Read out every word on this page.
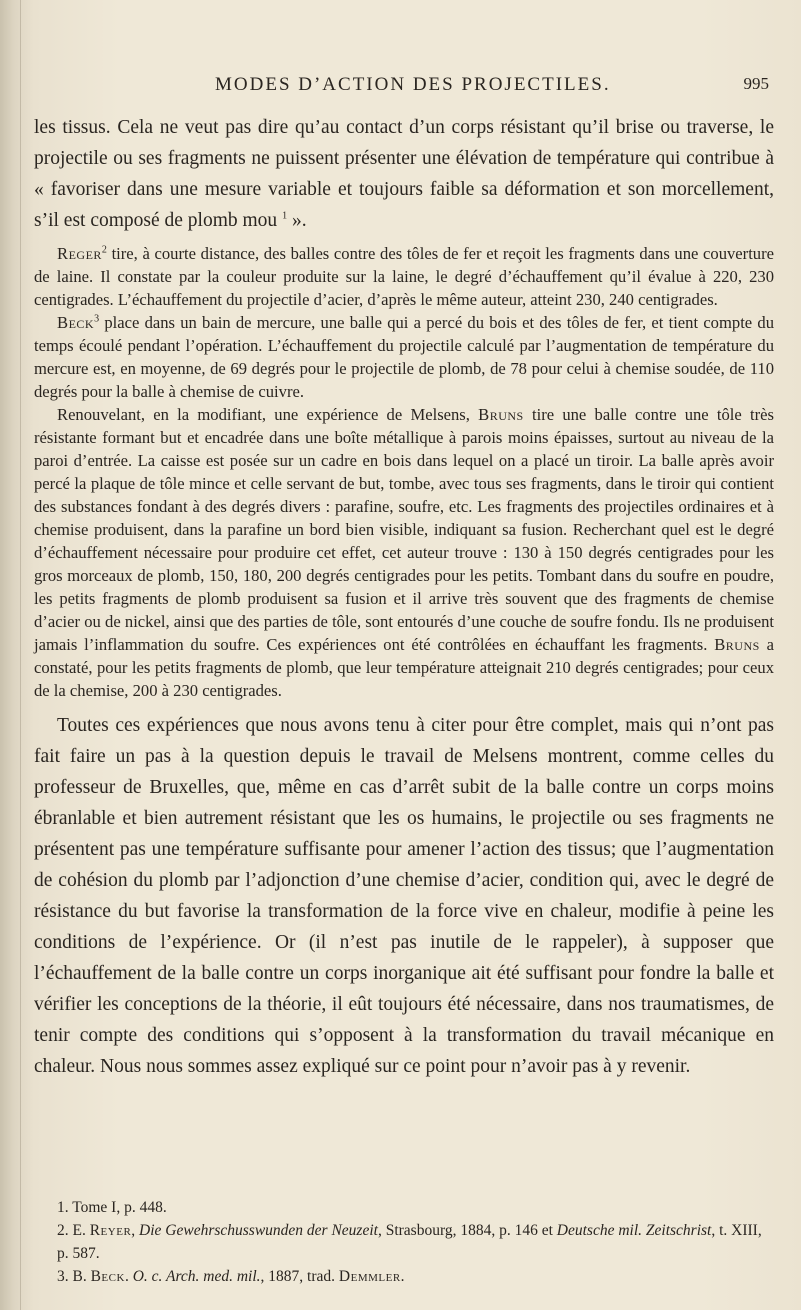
MODES D’ACTION DES PROJECTILES.	995

les tissus. Cela ne veut pas dire qu’au contact d’un corps résistant qu’il brise ou traverse, le projectile ou ses fragments ne puissent présenter une élévation de température qui contribue à « favoriser dans une mesure variable et toujours faible sa déformation et son morcellement, s’il est composé de plomb mou $^1$ ».

Reger$^2$ tire, à courte distance, des balles contre des tôles de fer et reçoit les fragments dans une couverture de laine. Il constate par la couleur produite sur la laine, le degré d’échauffement qu’il évalue à 220, 230 centigrades. L’échauffement du projectile d’acier, d’après le même auteur, atteint 230, 240 centigrades.

Beck$^3$ place dans un bain de mercure, une balle qui a percé du bois et des tôles de fer, et tient compte du temps écoulé pendant l’opération. L’échauffement du projectile calculé par l’augmentation de température du mercure est, en moyenne, de 69 degrés pour le projectile de plomb, de 78 pour celui à chemise soudée, de 110 degrés pour la balle à chemise de cuivre.

Renouvelant, en la modifiant, une expérience de Melsens, Bruns tire une balle contre une tôle très résistante formant but et encadrée dans une boîte métallique à parois moins épaisses, surtout au niveau de la paroi d’entrée. La caisse est posée sur un cadre en bois dans lequel on a placé un tiroir. La balle après avoir percé la plaque de tôle mince et celle servant de but, tombe, avec tous ses fragments, dans le tiroir qui contient des substances fondant à des degrés divers : parafine, soufre, etc. Les fragments des projectiles ordinaires et à chemise produisent, dans la parafine un bord bien visible, indiquant sa fusion. Recherchant quel est le degré d’échauffement nécessaire pour produire cet effet, cet auteur trouve : 130 à 150 degrés centigrades pour les gros morceaux de plomb, 150, 180, 200 degrés centigrades pour les petits. Tombant dans du soufre en poudre, les petits fragments de plomb produisent sa fusion et il arrive très souvent que des fragments de chemise d’acier ou de nickel, ainsi que des parties de tôle, sont entourés d’une couche de soufre fondu. Ils ne produisent jamais l’inflammation du soufre. Ces expériences ont été contrôlées en échauffant les fragments. Bruns a constaté, pour les petits fragments de plomb, que leur température atteignait 210 degrés centigrades; pour ceux de la chemise, 200 à 230 centigrades.

Toutes ces expériences que nous avons tenu à citer pour être complet, mais qui n’ont pas fait faire un pas à la question depuis le travail de Melsens montrent, comme celles du professeur de Bruxelles, que, même en cas d’arrêt subit de la balle contre un corps moins ébranlable et bien autrement résistant que les os humains, le projectile ou ses fragments ne présentent pas une température suffisante pour amener l’action des tissus; que l’augmentation de cohésion du plomb par l’adjonction d’une chemise d’acier, condition qui, avec le degré de résistance du but favorise la transformation de la force vive en chaleur, modifie à peine les conditions de l’expérience. Or (il n’est pas inutile de le rappeler), à supposer que l’échauffement de la balle contre un corps inorganique ait été suffisant pour fondre la balle et vérifier les conceptions de la théorie, il eût toujours été nécessaire, dans nos traumatismes, de tenir compte des conditions qui s’opposent à la transformation du travail mécanique en chaleur. Nous nous sommes assez expliqué sur ce point pour n’avoir pas à y revenir.

1. Tome I, p. 448.

2. E. Reyer, Die Gewehrschusswunden der Neuzeit, Strasbourg, 1884, p. 146 et Deutsche mil. Zeitschrist, t. XIII, p. 587.

3. B. Beck. O. c. Arch. med. mil., 1887, trad. Demmler.
